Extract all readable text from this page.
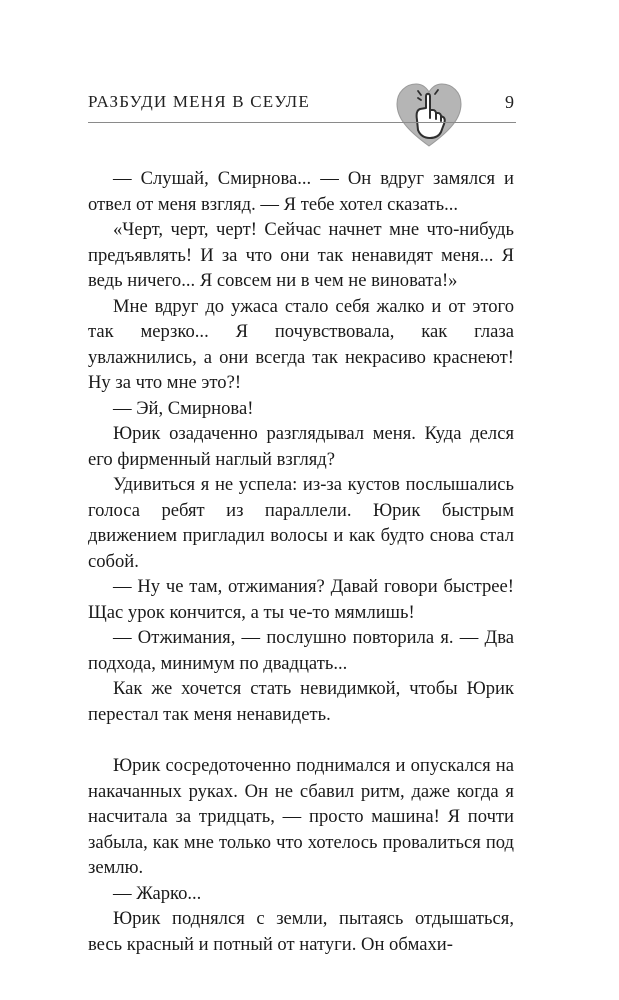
РАЗБУДИ МЕНЯ В СЕУЛЕ	9

— Слушай, Смирнова... — Он вдруг замялся и отвел от меня взгляд. — Я тебе хотел сказать...

«Черт, черт, черт! Сейчас начнет мне что-нибудь предъявлять! И за что они так ненавидят меня... Я ведь ничего... Я совсем ни в чем не виновата!»

Мне вдруг до ужаса стало себя жалко и от этого так мерзко... Я почувствовала, как глаза увлажнились, а они всегда так некрасиво краснеют! Ну за что мне это?!

— Эй, Смирнова!

Юрик озадаченно разглядывал меня. Куда делся его фирменный наглый взгляд?

Удивиться я не успела: из-за кустов послышались голоса ребят из параллели. Юрик быстрым движением пригладил волосы и как будто снова стал собой.

— Ну че там, отжимания? Давай говори быстрее! Щас урок кончится, а ты че-то мямлишь!

— Отжимания, — послушно повторила я. — Два подхода, минимум по двадцать...

Как же хочется стать невидимкой, чтобы Юрик перестал так меня ненавидеть.

Юрик сосредоточенно поднимался и опускался на накачанных руках. Он не сбавил ритм, даже когда я насчитала за тридцать, — просто машина! Я почти забыла, как мне только что хотелось провалиться под землю.

— Жарко...

Юрик поднялся с земли, пытаясь отдышаться, весь красный и потный от натуги. Он обмахи-
